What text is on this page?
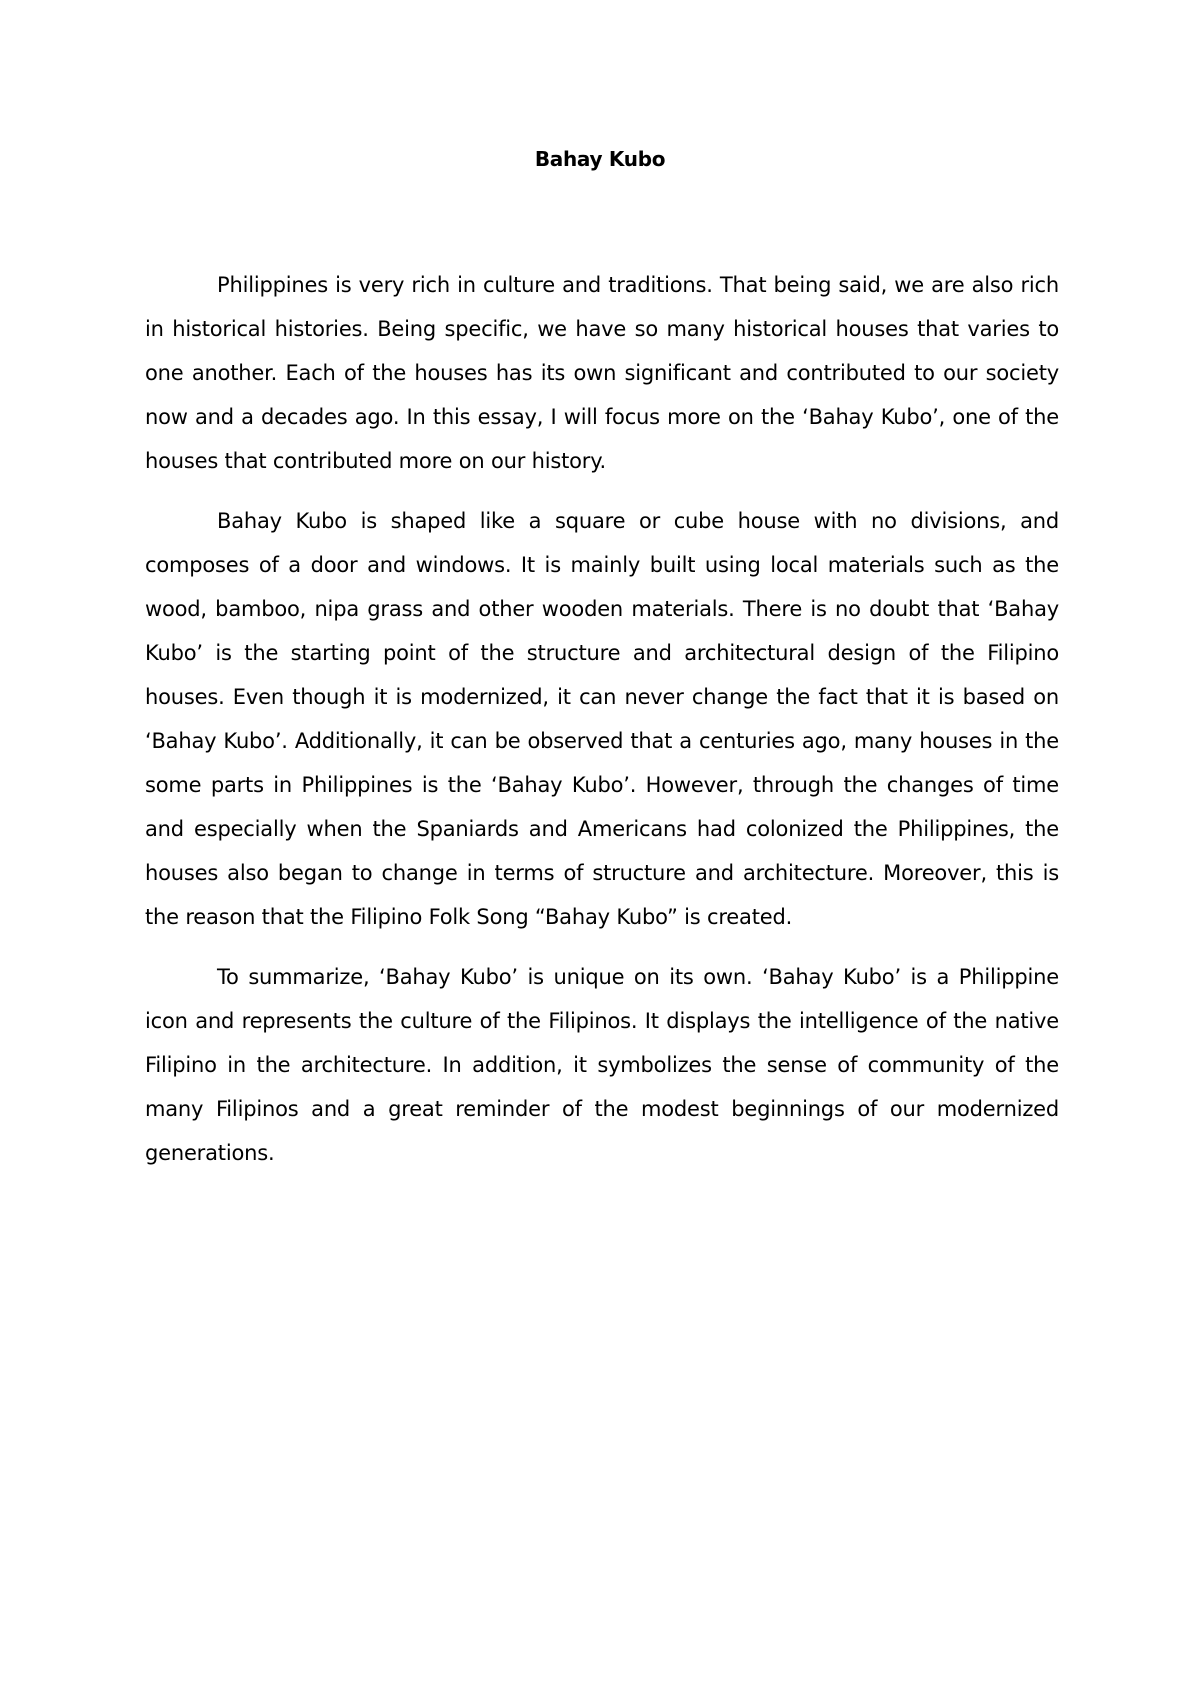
Bahay Kubo

Philippines is very rich in culture and traditions. That being said, we are also rich in historical histories. Being specific, we have so many historical houses that varies to one another. Each of the houses has its own significant and contributed to our society now and a decades ago. In this essay, I will focus more on the ‘Bahay Kubo’, one of the houses that contributed more on our history.

Bahay Kubo is shaped like a square or cube house with no divisions, and composes of a door and windows. It is mainly built using local materials such as the wood, bamboo, nipa grass and other wooden materials. There is no doubt that ‘Bahay Kubo’ is the starting point of the structure and architectural design of the Filipino houses. Even though it is modernized, it can never change the fact that it is based on ‘Bahay Kubo’. Additionally, it can be observed that a centuries ago, many houses in the some parts in Philippines is the ‘Bahay Kubo’. However, through the changes of time and especially when the Spaniards and Americans had colonized the Philippines, the houses also began to change in terms of structure and architecture. Moreover, this is the reason that the Filipino Folk Song “Bahay Kubo” is created.

To summarize, ‘Bahay Kubo’ is unique on its own. ‘Bahay Kubo’ is a Philippine icon and represents the culture of the Filipinos. It displays the intelligence of the native Filipino in the architecture. In addition, it symbolizes the sense of community of the many Filipinos and a great reminder of the modest beginnings of our modernized generations.
